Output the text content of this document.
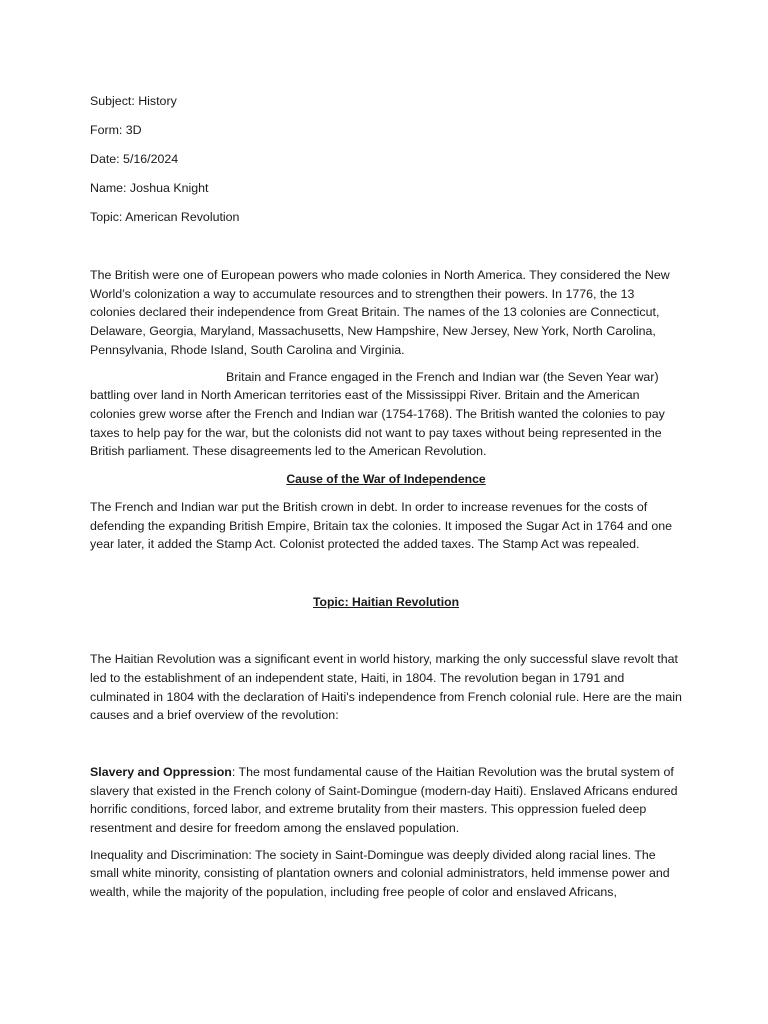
Subject: History
Form: 3D
Date: 5/16/2024
Name: Joshua Knight
Topic: American Revolution

The British were one of European powers who made colonies in North America. They considered the New World’s colonization a way to accumulate resources and to strengthen their powers. In 1776, the 13 colonies declared their independence from Great Britain. The names of the 13 colonies are Connecticut, Delaware, Georgia, Maryland, Massachusetts, New Hampshire, New Jersey, New York, North Carolina, Pennsylvania, Rhode Island, South Carolina and Virginia.

Britain and France engaged in the French and Indian war (the Seven Year war) battling over land in North American territories east of the Mississippi River. Britain and the American colonies grew worse after the French and Indian war (1754-1768). The British wanted the colonies to pay taxes to help pay for the war, but the colonists did not want to pay taxes without being represented in the British parliament. These disagreements led to the American Revolution.

Cause of the War of Independence

The French and Indian war put the British crown in debt. In order to increase revenues for the costs of defending the expanding British Empire, Britain tax the colonies. It imposed the Sugar Act in 1764 and one year later, it added the Stamp Act. Colonist protected the added taxes. The Stamp Act was repealed.

Topic: Haitian Revolution

The Haitian Revolution was a significant event in world history, marking the only successful slave revolt that led to the establishment of an independent state, Haiti, in 1804. The revolution began in 1791 and culminated in 1804 with the declaration of Haiti's independence from French colonial rule. Here are the main causes and a brief overview of the revolution:

Slavery and Oppression: The most fundamental cause of the Haitian Revolution was the brutal system of slavery that existed in the French colony of Saint-Domingue (modern-day Haiti). Enslaved Africans endured horrific conditions, forced labor, and extreme brutality from their masters. This oppression fueled deep resentment and desire for freedom among the enslaved population.

Inequality and Discrimination: The society in Saint-Domingue was deeply divided along racial lines. The small white minority, consisting of plantation owners and colonial administrators, held immense power and wealth, while the majority of the population, including free people of color and enslaved Africans,
